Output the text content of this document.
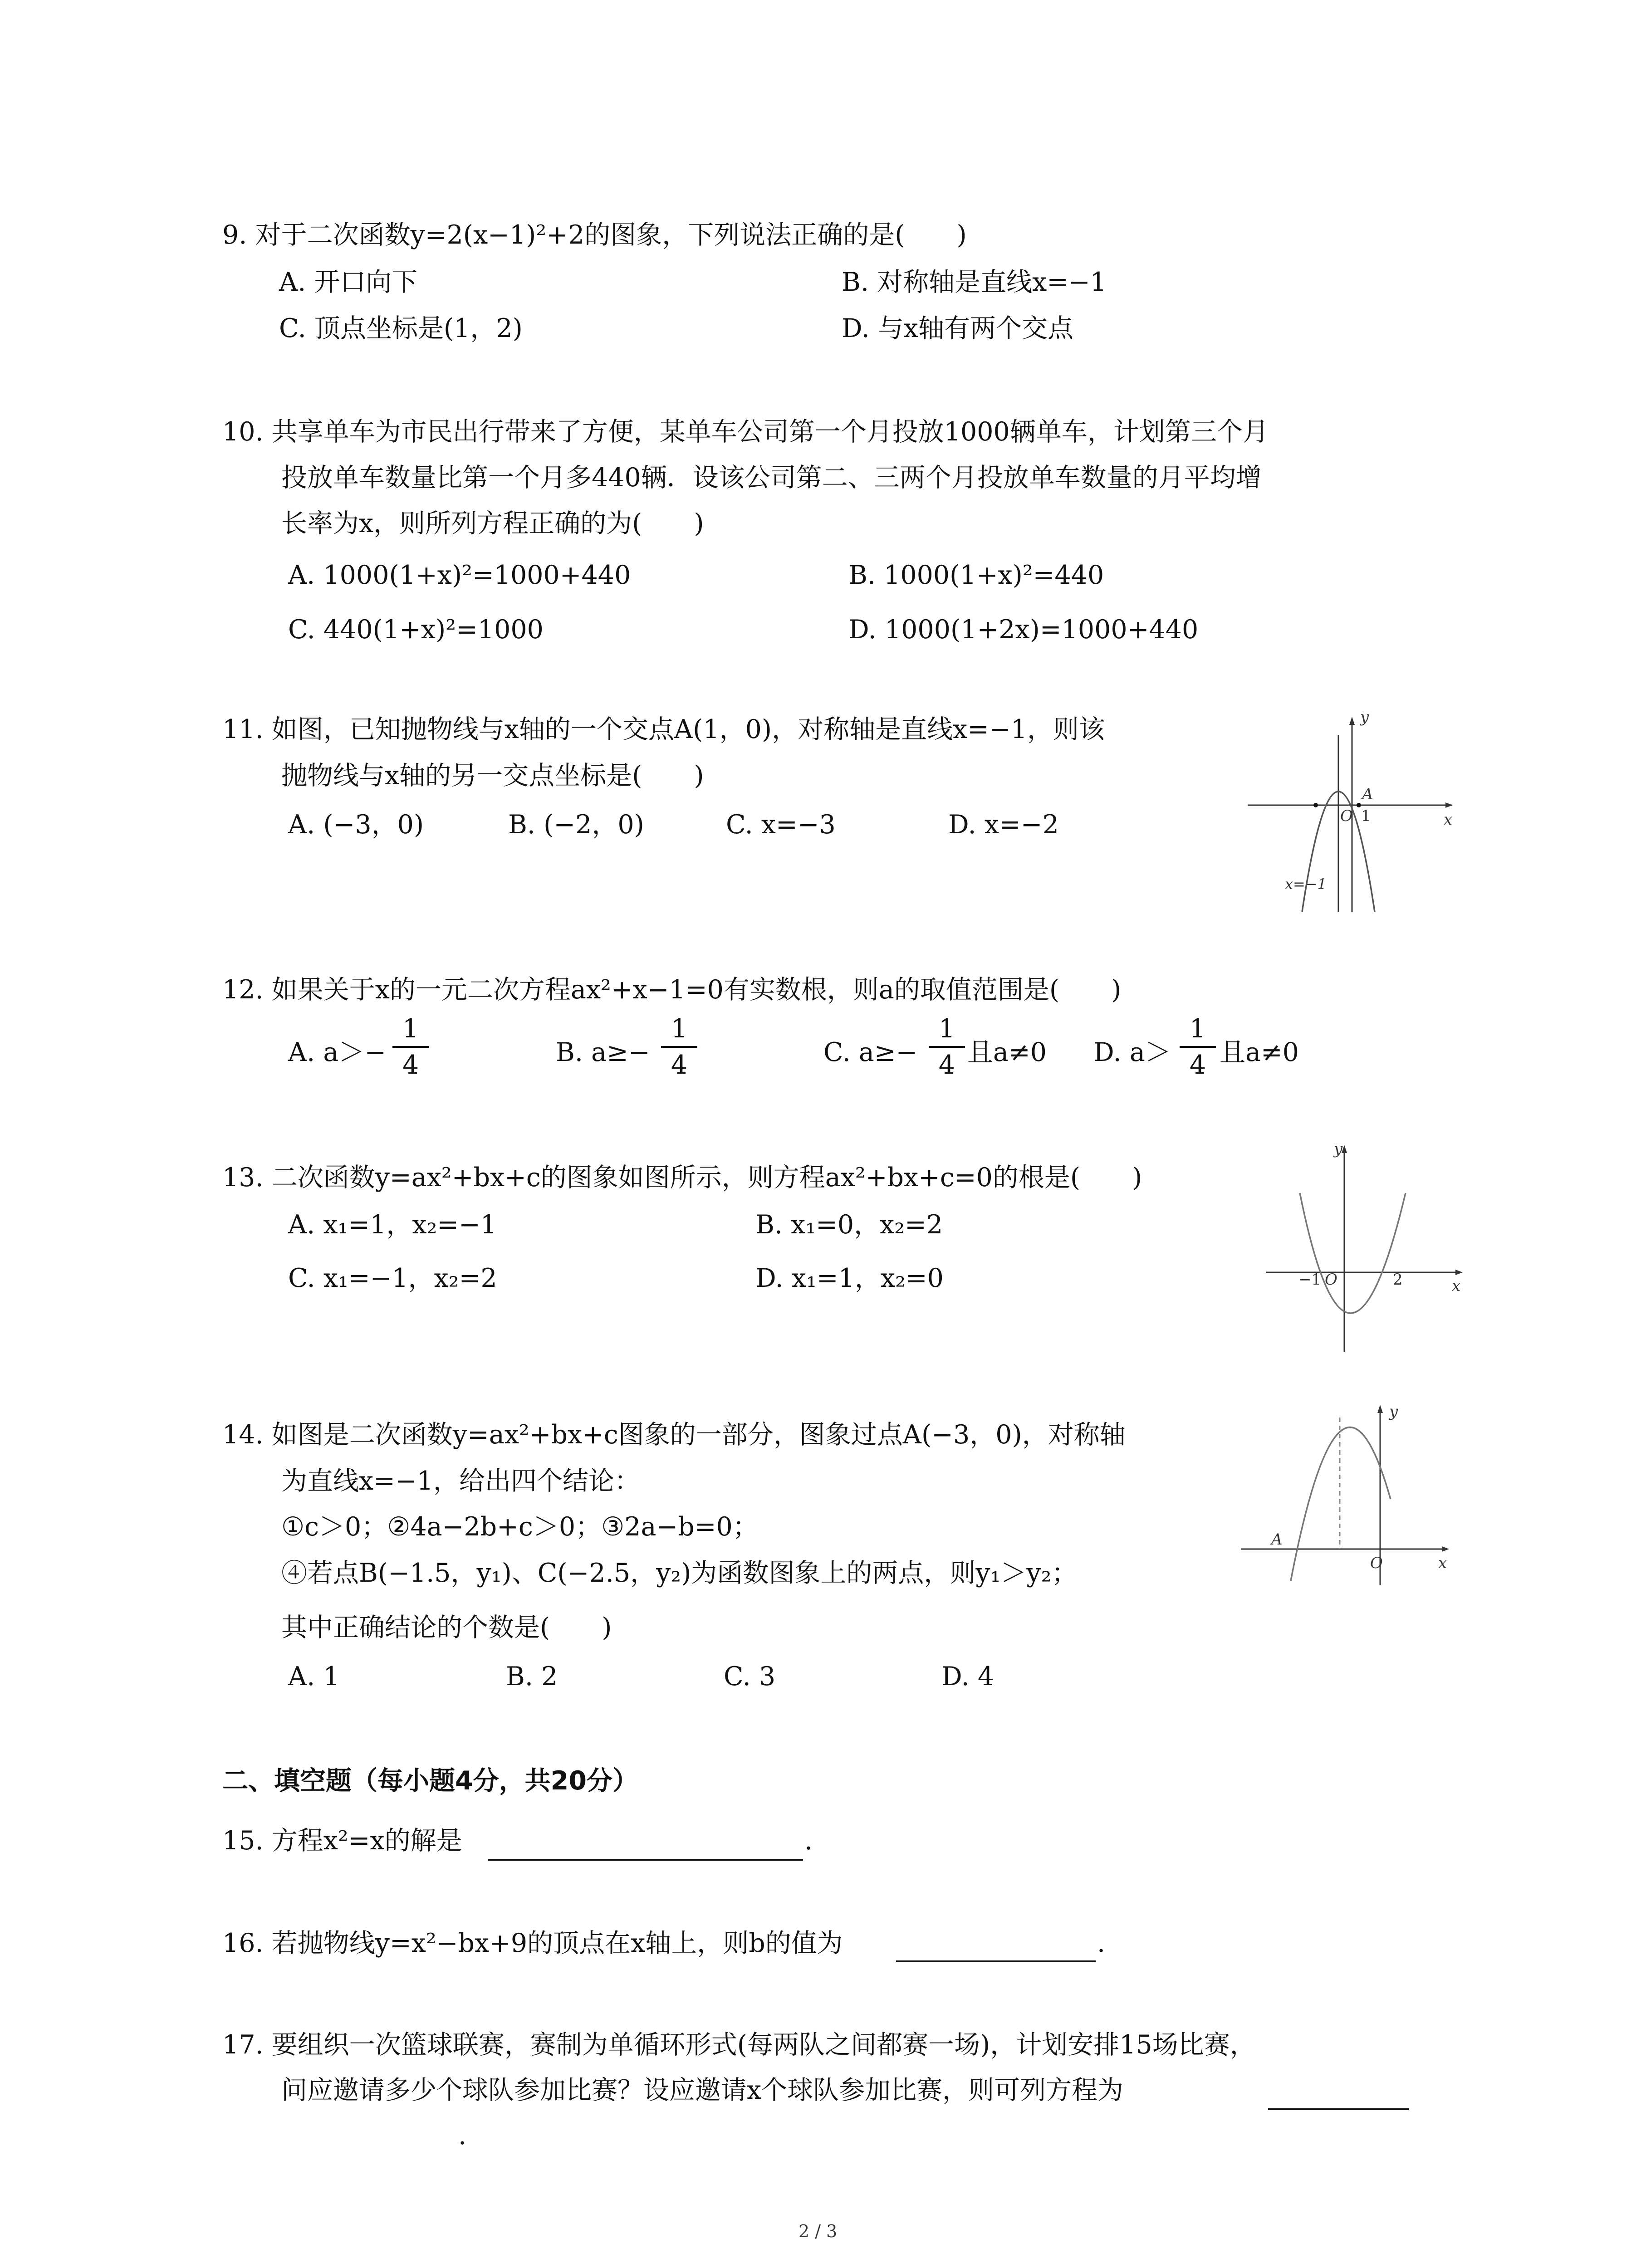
9. 对于二次函数y=2(x−1)²+2的图象，下列说法正确的是(　　)
A. 开口向下	B. 对称轴是直线x=−1
C. 顶点坐标是(1，2)	D. 与x轴有两个交点
10. 共享单车为市民出行带来了方便，某单车公司第一个月投放1000辆单车，计划第三个月
投放单车数量比第一个月多440辆．设该公司第二、三两个月投放单车数量的月平均增
长率为x，则所列方程正确的为(　　)
A. 1000(1+x)²=1000+440	B. 1000(1+x)²=440
C. 440(1+x)²=1000	D. 1000(1+2x)=1000+440
11. 如图，已知抛物线与x轴的一个交点A(1，0)，对称轴是直线x=−1，则该
抛物线与x轴的另一交点坐标是(　　)
A. (−3，0)	B. (−2，0)	C. x=−3	D. x=−2
y
x
O
A
1
x=−1
12. 如果关于x的一元二次方程ax²+x−1=0有实数根，则a的取值范围是(　　)
A. a＞−
1
4	B. a≥−
1
4	C. a≥−
1
4 且a≠0 D. a＞
1
4 且a≠0
13. 二次函数y=ax²+bx+c的图象如图所示，则方程ax²+bx+c=0的根是(　　)
A. x₁=1，x₂=−1	B. x₁=0，x₂=2
C. x₁=−1，x₂=2	D. x₁=1，x₂=0
y
x
O
−1	2
14. 如图是二次函数y=ax²+bx+c图象的一部分，图象过点A(−3，0)，对称轴
为直线x=−1，给出四个结论：
①c＞0；②4a−2b+c＞0；③2a−b=0；
④若点B(−1.5，y₁)、C(−2.5，y₂)为函数图象上的两点，则y₁＞y₂；
其中正确结论的个数是(　　)
A. 1	B. 2	C. 3	D. 4
y
x
O
A
二、填空题（每小题4分，共20分）
15. 方程x²=x的解是	.
16. 若抛物线y=x²−bx+9的顶点在x轴上，则b的值为	.
17. 要组织一次篮球联赛，赛制为单循环形式(每两队之间都赛一场)，计划安排15场比赛，
问应邀请多少个球队参加比赛？设应邀请x个球队参加比赛，则可列方程为
.
2 / 3
